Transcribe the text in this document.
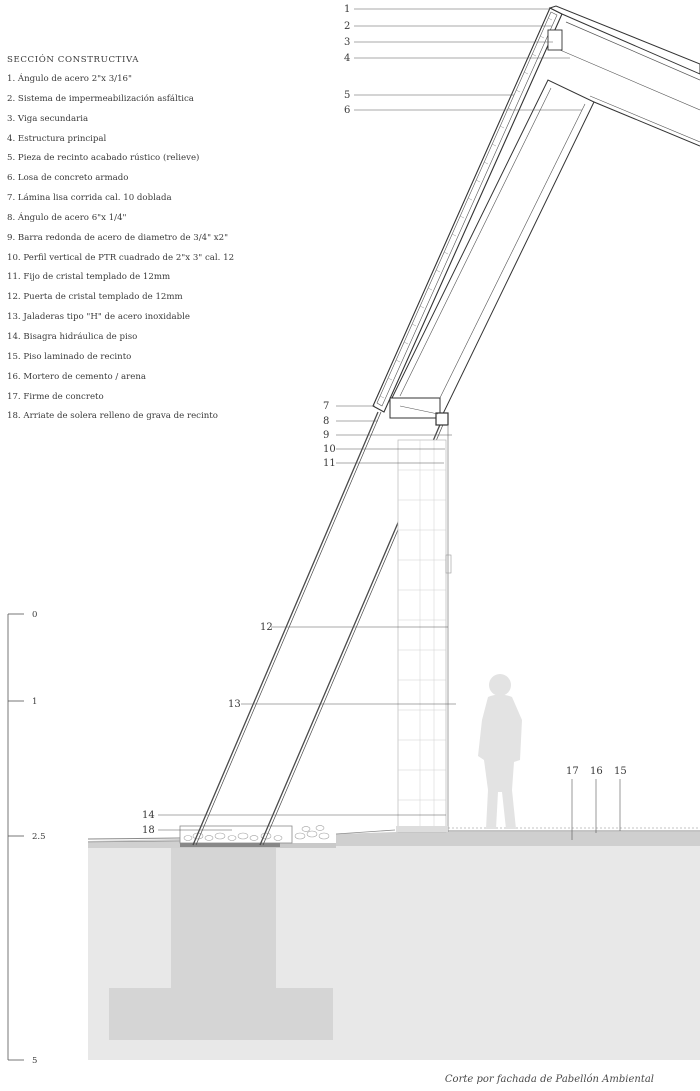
SECCIÓN CONSTRUCTIVA
1. Ángulo de acero 2"x 3/16"
2. Sistema de impermeabilización asfáltica
3. Viga secundaria
4. Estructura principal
5. Pieza de recinto acabado rústico (relieve)
6. Losa de concreto armado
7. Lámina lisa corrida cal. 10 doblada
8. Ángulo de acero 6"x 1/4"
9. Barra redonda de acero de diametro de 3/4" x2"
10. Perfil vertical de PTR cuadrado de 2"x 3" cal. 12
11. Fijo de cristal templado de 12mm
12. Puerta de cristal templado de 12mm
13. Jaladeras tipo "H" de acero inoxidable
14. Bisagra hidráulica de piso
15. Piso laminado de recinto
16. Mortero de cemento / arena
17. Firme de concreto
18. Arriate de solera relleno de grava de recinto
1
2
3
4
5
6
7
8
9
10
11
12
13
14
18
17 16 15
0
1
2.5
5
Corte por fachada de Pabellón Ambiental
